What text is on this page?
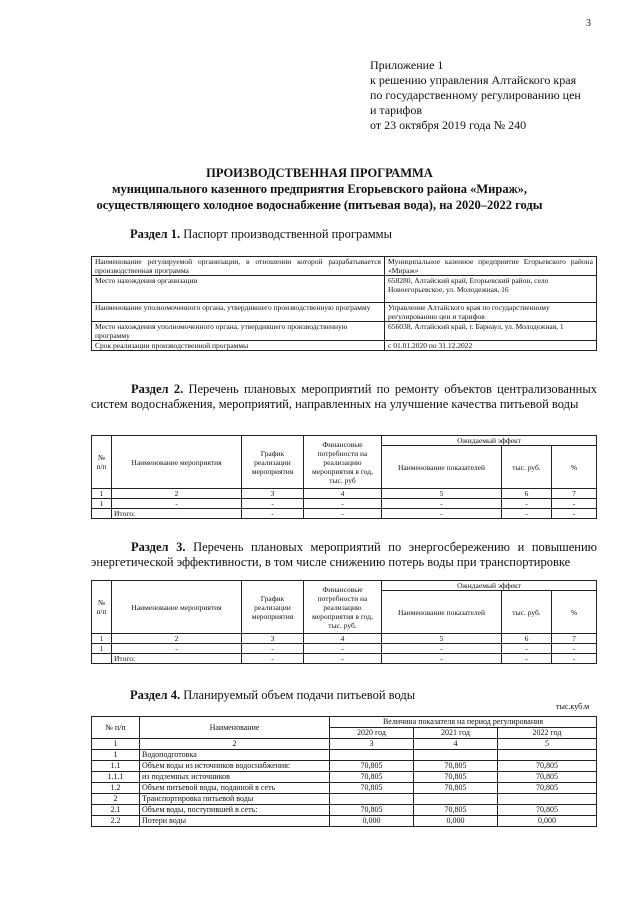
3
Приложение 1
к решению управления Алтайского края
по государственному регулированию цен
и тарифов
от 23 октября 2019 года № 240
ПРОИЗВОДСТВЕННАЯ ПРОГРАММА
муниципального казенного предприятия Егорьевского района «Мираж»,
осуществляющего холодное водоснабжение (питьевая вода), на 2020–2022 годы
Раздел 1. Паспорт производственной программы
Наименование регулируемой организации, в отношении которой разрабатывается производственная программа	Муниципальное казенное предприятие Егорьевского района «Мираж»
Место нахождения организации	658280, Алтайский край, Егорьевский район, село Новоегорьевское, ул. Молодежная, 16
Наименование уполномоченного органа, утвердившего производственную программу	Управление Алтайского края по государственному регулированию цен и тарифов
Место нахождения уполномоченного органа, утвердившего производственную программу	656038, Алтайский край, г. Барнаул, ул. Молодежная, 1
Срок реализации производственной программы	с 01.01.2020 по 31.12.2022
Раздел 2. Перечень плановых мероприятий по ремонту объектов централизованных систем водоснабжения, мероприятий, направленных на улучшение качества питьевой воды
№ п/п	Наименование мероприятия	График реализации мероприятия	Финансовые потребности на реализацию мероприятия в год, тыс. руб	Ожидаемый эффект		
				Наименование показателей	тыс. руб.	%
1	2	3	4	5	6	7
1	-	-	-	-	-	-
	Итого:	-	-	-	-	-
Раздел 3. Перечень плановых мероприятий по энергосбережению и повышению энергетической эффективности, в том числе снижению потерь воды при транспортировке
№ п/п	Наименование мероприятия	График реализации мероприятия	Финансовые потребности на реализацию мероприятия в год, тыс. руб.	Ожидаемый эффект		
				Наименование показателей	тыс. руб.	%
1	2	3	4	5	6	7
1	-	-	-	-	-	-
	Итого:	-	-	-	-	-
Раздел 4. Планируемый объем подачи питьевой воды
тыс.куб.м
№ п/п	Наименование	Величина показателя на период регулирования		
		2020 год	2021 год	2022 год
1	2	3	4	5
1	Водоподготовка			
1.1	Объем воды из источников водоснабжения:	70,805	70,805	70,805
1.1.1	из подземных источников	70,805	70,805	70,805
1.2	Объем питьевой воды, поданной в сеть	70,805	70,805	70,805
2	Транспортировка питьевой воды			
2.1	Объем воды, поступившей в сеть:	70,805	70,805	70,805
2.2	Потери воды	0,000	0,000	0,000
